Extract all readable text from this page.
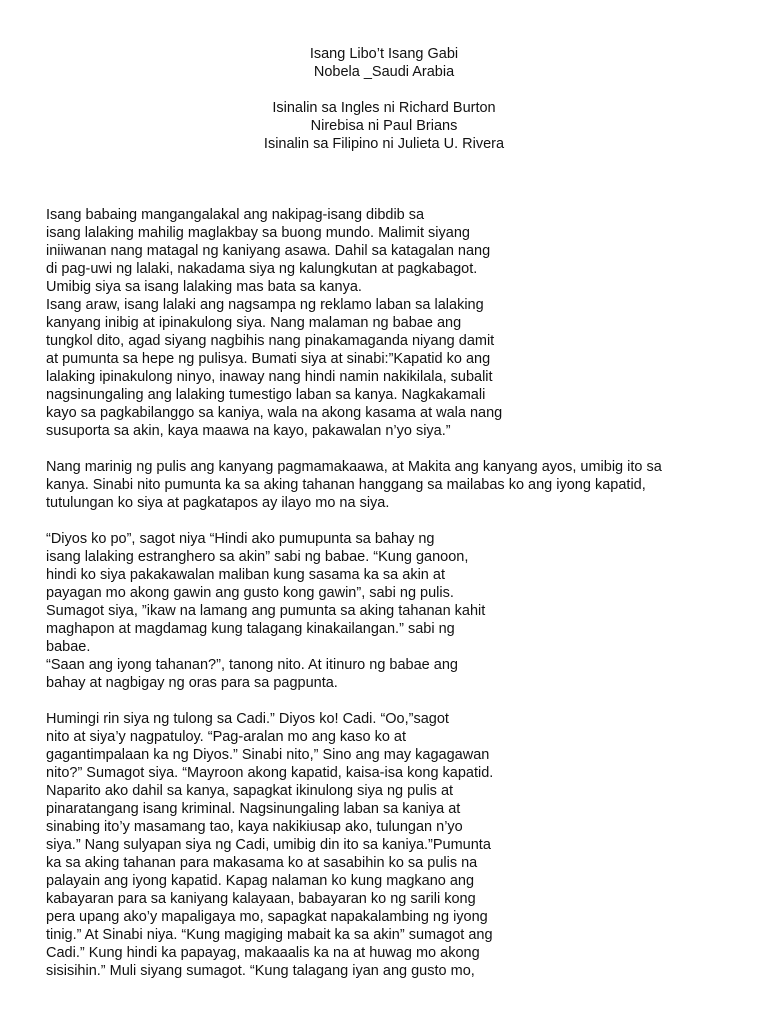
Isang Libo’t Isang Gabi
Nobela _Saudi Arabia
Isinalin sa Ingles ni Richard Burton
Nirebisa ni Paul Brians
Isinalin sa Filipino ni Julieta U. Rivera
Isang babaing mangangalakal ang nakipag-isang dibdib sa
isang lalaking mahilig maglakbay sa buong mundo. Malimit siyang
iniiwanan nang matagal ng kaniyang asawa. Dahil sa katagalan nang
di pag-uwi ng lalaki, nakadama siya ng kalungkutan at pagkabagot.
Umibig siya sa isang lalaking mas bata sa kanya.
Isang araw, isang lalaki ang nagsampa ng reklamo laban sa lalaking
kanyang inibig at ipinakulong siya. Nang malaman ng babae ang
tungkol dito, agad siyang nagbihis nang pinakamaganda niyang damit
at pumunta sa hepe ng pulisya. Bumati siya at sinabi:”Kapatid ko ang
lalaking ipinakulong ninyo, inaway nang hindi namin nakikilala, subalit
nagsinungaling ang lalaking tumestigo laban sa kanya. Nagkakamali
kayo sa pagkabilanggo sa kaniya, wala na akong kasama at wala nang
susuporta sa akin, kaya maawa na kayo, pakawalan n’yo siya.”
Nang marinig ng pulis ang kanyang pagmamakaawa, at Makita ang kanyang ayos, umibig ito sa
kanya. Sinabi nito pumunta ka sa aking tahanan hanggang sa mailabas ko ang iyong kapatid,
tutulungan ko siya at pagkatapos ay ilayo mo na siya.
“Diyos ko po”, sagot niya “Hindi ako pumupunta sa bahay ng
isang lalaking estranghero sa akin” sabi ng babae. “Kung ganoon,
hindi ko siya pakakawalan maliban kung sasama ka sa akin at
payagan mo akong gawin ang gusto kong gawin”, sabi ng pulis.
Sumagot siya, ”ikaw na lamang ang pumunta sa aking tahanan kahit
maghapon at magdamag kung talagang kinakailangan.” sabi ng
babae.
“Saan ang iyong tahanan?”, tanong nito. At itinuro ng babae ang
bahay at nagbigay ng oras para sa pagpunta.
Humingi rin siya ng tulong sa Cadi.” Diyos ko! Cadi. “Oo,”sagot
nito at siya’y nagpatuloy. “Pag-aralan mo ang kaso ko at
gagantimpalaan ka ng Diyos.” Sinabi nito,” Sino ang may kagagawan
nito?” Sumagot siya. “Mayroon akong kapatid, kaisa-isa kong kapatid.
Naparito ako dahil sa kanya, sapagkat ikinulong siya ng pulis at
pinaratangang isang kriminal. Nagsinungaling laban sa kaniya at
sinabing ito’y masamang tao, kaya nakikiusap ako, tulungan n’yo
siya.” Nang sulyapan siya ng Cadi, umibig din ito sa kaniya.”Pumunta
ka sa aking tahanan para makasama ko at sasabihin ko sa pulis na
palayain ang iyong kapatid. Kapag nalaman ko kung magkano ang
kabayaran para sa kaniyang kalayaan, babayaran ko ng sarili kong
pera upang ako’y mapaligaya mo, sapagkat napakalambing ng iyong
tinig.” At Sinabi niya. “Kung magiging mabait ka sa akin” sumagot ang
Cadi.” Kung hindi ka papayag, makaaalis ka na at huwag mo akong
sisisihin.” Muli siyang sumagot. “Kung talagang iyan ang gusto mo,
